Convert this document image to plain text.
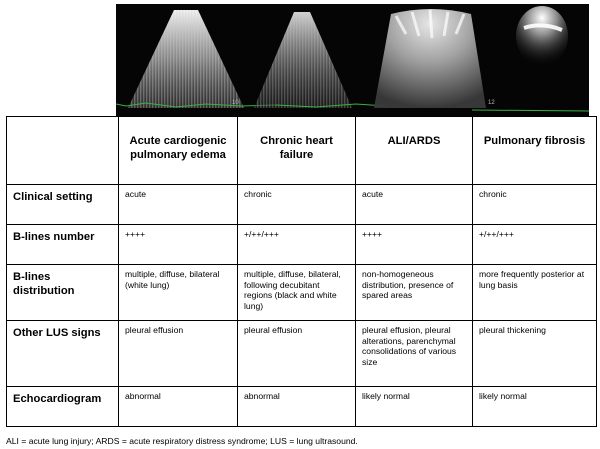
12
10
	Acute cardiogenic pulmonary edema	Chronic heart failure	ALI/ARDS	Pulmonary fibrosis
Clinical setting	acute	chronic	acute	chronic
B-lines number	++++	+/++/+++	++++	+/++/+++
B-lines distribution	multiple, diffuse, bilateral (white lung)	multiple, diffuse, bilateral, following decubitant regions (black and white lung)	non-homogeneous distribution, presence of spared areas	more frequently posterior at lung basis
Other LUS signs	pleural effusion	pleural effusion	pleural effusion, pleural alterations, parenchymal consolidations of various size	pleural thickening
Echocardiogram	abnormal	abnormal	likely normal	likely normal
ALI = acute lung injury; ARDS = acute respiratory distress syndrome; LUS = lung ultrasound.
